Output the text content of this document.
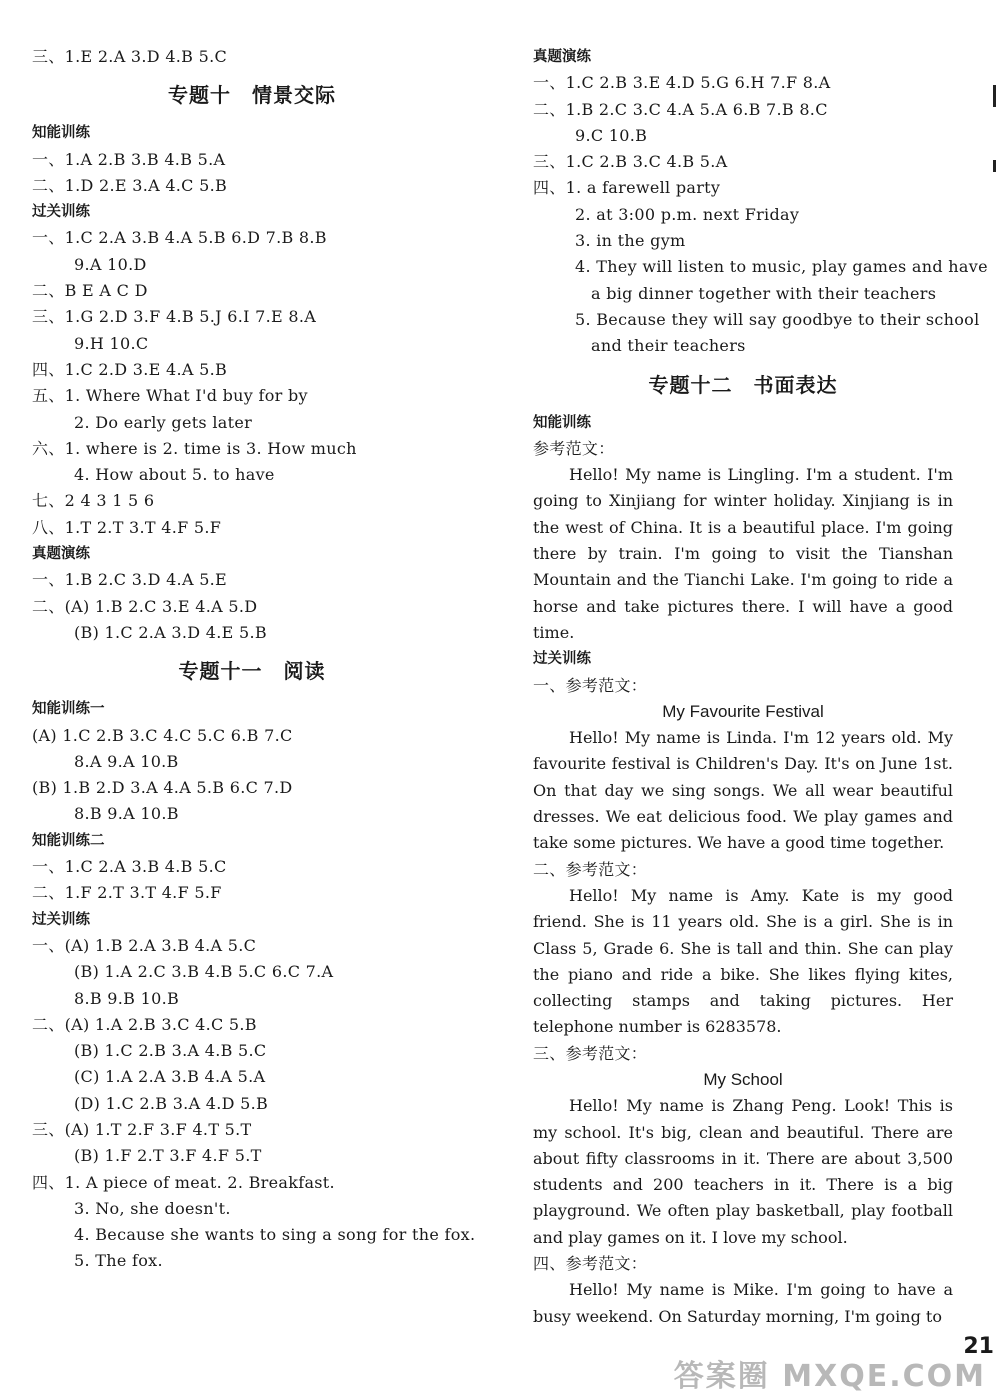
三、1.E 2.A 3.D 4.B 5.C
专题十　情景交际
知能训练
一、1.A 2.B 3.B 4.B 5.A
二、1.D 2.E 3.A 4.C 5.B
过关训练
一、1.C 2.A 3.B 4.A 5.B 6.D 7.B 8.B
9.A 10.D
二、B E A C D
三、1.G 2.D 3.F 4.B 5.J 6.I 7.E 8.A
9.H 10.C
四、1.C 2.D 3.E 4.A 5.B
五、1. Where What I'd buy for by
2. Do early gets later
六、1. where is 2. time is 3. How much
4. How about 5. to have
七、2 4 3 1 5 6
八、1.T 2.T 3.T 4.F 5.F
真题演练
一、1.B 2.C 3.D 4.A 5.E
二、(A) 1.B 2.C 3.E 4.A 5.D
(B) 1.C 2.A 3.D 4.E 5.B
专题十一　阅读
知能训练一
(A) 1.C 2.B 3.C 4.C 5.C 6.B 7.C
8.A 9.A 10.B
(B) 1.B 2.D 3.A 4.A 5.B 6.C 7.D
8.B 9.A 10.B
知能训练二
一、1.C 2.A 3.B 4.B 5.C
二、1.F 2.T 3.T 4.F 5.F
过关训练
一、(A) 1.B 2.A 3.B 4.A 5.C
(B) 1.A 2.C 3.B 4.B 5.C 6.C 7.A
8.B 9.B 10.B
二、(A) 1.A 2.B 3.C 4.C 5.B
(B) 1.C 2.B 3.A 4.B 5.C
(C) 1.A 2.A 3.B 4.A 5.A
(D) 1.C 2.B 3.A 4.D 5.B
三、(A) 1.T 2.F 3.F 4.T 5.T
(B) 1.F 2.T 3.F 4.F 5.T
四、1. A piece of meat. 2. Breakfast.
3. No, she doesn't.
4. Because she wants to sing a song for the fox.
5. The fox.
真题演练
一、1.C 2.B 3.E 4.D 5.G 6.H 7.F 8.A
二、1.B 2.C 3.C 4.A 5.A 6.B 7.B 8.C
9.C 10.B
三、1.C 2.B 3.C 4.B 5.A
四、1. a farewell party
2. at 3:00 p.m. next Friday
3. in the gym
4. They will listen to music, play games and have
a big dinner together with their teachers
5. Because they will say goodbye to their school
and their teachers
专题十二　书面表达
知能训练
参考范文：

Hello! My name is Lingling. I'm a student. I'm going to Xinjiang for winter holiday. Xinjiang is in the west of China. It is a beautiful place. I'm going there by train. I'm going to visit the Tianshan Mountain and the Tianchi Lake. I'm going to ride a horse and take pictures there. I will have a good time.

过关训练
一、参考范文：
My Favourite Festival

Hello! My name is Linda. I'm 12 years old. My favourite festival is Children's Day. It's on June 1st. On that day we sing songs. We all wear beautiful dresses. We eat delicious food. We play games and take some pictures. We have a good time together.

二、参考范文：

Hello! My name is Amy. Kate is my good friend. She is 11 years old. She is a girl. She is in Class 5, Grade 6. She is tall and thin. She can play the piano and ride a bike. She likes flying kites, collecting stamps and taking pictures. Her telephone number is 6283578.

三、参考范文：
My School

Hello! My name is Zhang Peng. Look! This is my school. It's big, clean and beautiful. There are about fifty classrooms in it. There are about 3,500 students and 200 teachers in it. There is a big playground. We often play basketball, play football and play games on it. I love my school.

四、参考范文：

Hello! My name is Mike. I'm going to have a busy weekend. On Saturday morning, I'm going to

21
答案圈 MXQE.COM
